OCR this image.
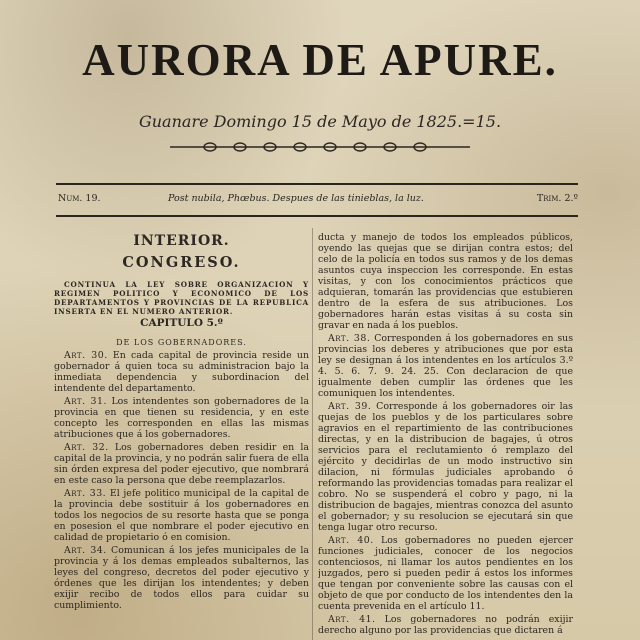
AURORA DE APURE.
Guanare Domingo 15 de Mayo de 1825.=15.
Num. 19.	Post nubila, Phœbus. Despues de las tinieblas, la luz.	Trim. 2.º
INTERIOR.
CONGRESO.

CONTINUA LA LEY SOBRE ORGANIZACION Y REGIMEN POLITICO Y ECONOMICO DE LOS DEPARTAMENTOS Y PROVINCIAS DE LA REPUBLICA INSERTA EN EL NUMERO ANTERIOR.

CAPITULO 5.º
DE LOS GOBERNADORES.

Art. 30. En cada capital de provincia reside un gobernador á quien toca su administracion bajo la inmediata dependencia y subordinacion del intendente del departamento.

Art. 31. Los intendentes son gobernadores de la provincia en que tienen su residencia, y en este concepto les corresponden en ellas las mismas atribuciones que á los gobernadores.

Art. 32. Los gobernadores deben residir en la capital de la provincia, y no podrán salir fuera de ella sin órden expresa del poder ejecutivo, que nombrará en este caso la persona que debe reemplazarlos.

Art. 33. El jefe politico municipal de la capital de la provincia debe sostituir á los gobernadores en todos los negocios de su resorte hasta que se ponga en posesion el que nombrare el poder ejecutivo en calidad de propietario ó en comision.

Art. 34. Comunican á los jefes municipales de la provincia y á los demas empleados subalternos, las leyes del congreso, decretos del poder ejecutivo y órdenes que les dirijan los intendentes; y deben exijir recibo de todos ellos para cuidar su cumplimiento.

ducta y manejo de todos los empleados públicos, oyendo las quejas que se dirijan contra estos; del celo de la policía en todos sus ramos y de los demas asuntos cuya inspeccion les corresponde. En estas visitas, y con los conocimientos prácticos que adquieran, tomarán las providencias que estubieren dentro de la esfera de sus atribuciones. Los gobernadores harán estas visitas á su costa sin gravar en nada á los pueblos.

Art. 38. Corresponden á los gobernadores en sus provincias los deberes y atribuciones que por esta ley se designan á los intendentes en los artículos 3.º 4. 5. 6. 7. 9. 24. 25. Con declaracion de que igualmente deben cumplir las órdenes que les comuniquen los intendentes.

Art. 39. Corresponde á los gobernadores oir las quejas de los pueblos y de los particulares sobre agravios en el repartimiento de las contribuciones directas, y en la distribucion de bagajes, ú otros servicios para el reclutamiento ó remplazo del ejército y decidirlas de un modo instructivo sin dilacion, ni fórmulas judiciales aprobando ó reformando las providencias tomadas para realizar el cobro. No se suspenderá el cobro y pago, ni la distribucion de bagajes, mientras conozca del asunto el gobernador; y su resolucion se ejecutará sin que tenga lugar otro recurso.

Art. 40. Los gobernadores no pueden ejercer funciones judiciales, conocer de los negocios contenciosos, ni llamar los autos pendientes en los juzgados, pero si pueden pedir á estos los informes que tengan por conveniente sobre las causas con el objeto de que por conducto de los intendentes den la cuenta prevenida en el artículo 11.

Art. 41. Los gobernadores no podrán exijir derecho alguno por las providencias que dictaren á
